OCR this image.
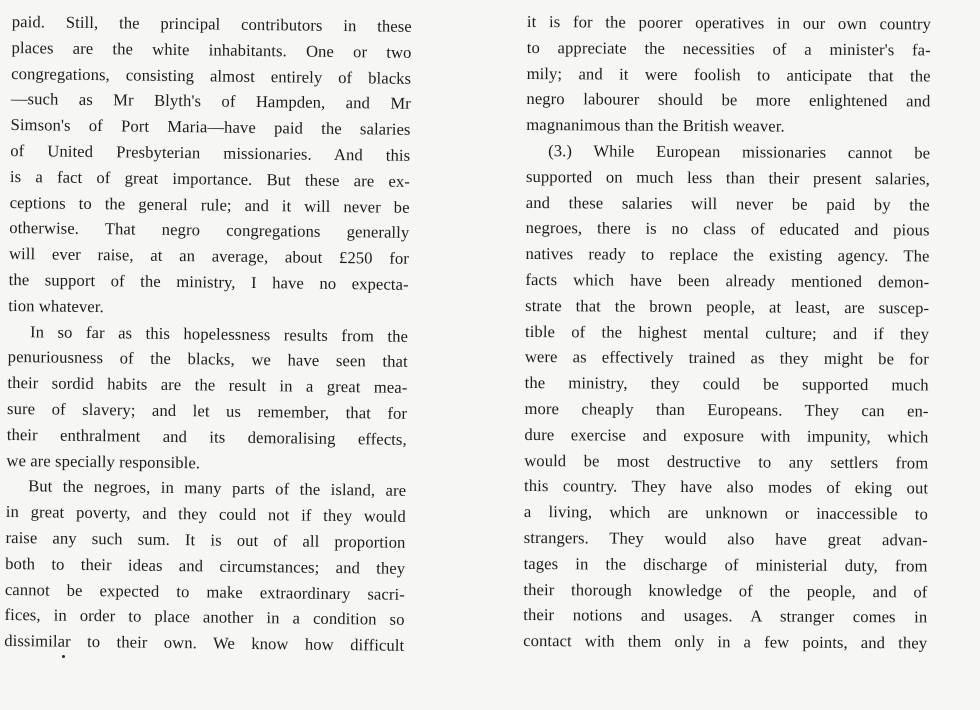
paid. Still, the principal contributors in these
places are the white inhabitants. One or two
congregations, consisting almost entirely of blacks
—such as Mr Blyth's of Hampden, and Mr
Simson's of Port Maria—have paid the salaries
of United Presbyterian missionaries. And this
is a fact of great importance. But these are ex-
ceptions to the general rule; and it will never be
otherwise. That negro congregations generally
will ever raise, at an average, about £250 for
the support of the ministry, I have no expecta-
tion whatever.
In so far as this hopelessness results from the
penuriousness of the blacks, we have seen that
their sordid habits are the result in a great mea-
sure of slavery; and let us remember, that for
their enthralment and its demoralising effects,
we are specially responsible.
But the negroes, in many parts of the island, are
in great poverty, and they could not if they would
raise any such sum. It is out of all proportion
both to their ideas and circumstances; and they
cannot be expected to make extraordinary sacri-
fices, in order to place another in a condition so
dissimilar to their own. We know how difficult
it is for the poorer operatives in our own country
to appreciate the necessities of a minister's fa-
mily; and it were foolish to anticipate that the
negro labourer should be more enlightened and
magnanimous than the British weaver.
(3.) While European missionaries cannot be
supported on much less than their present salaries,
and these salaries will never be paid by the
negroes, there is no class of educated and pious
natives ready to replace the existing agency. The
facts which have been already mentioned demon-
strate that the brown people, at least, are suscep-
tible of the highest mental culture; and if they
were as effectively trained as they might be for
the ministry, they could be supported much
more cheaply than Europeans. They can en-
dure exercise and exposure with impunity, which
would be most destructive to any settlers from
this country. They have also modes of eking out
a living, which are unknown or inaccessible to
strangers. They would also have great advan-
tages in the discharge of ministerial duty, from
their thorough knowledge of the people, and of
their notions and usages. A stranger comes in
contact with them only in a few points, and they
